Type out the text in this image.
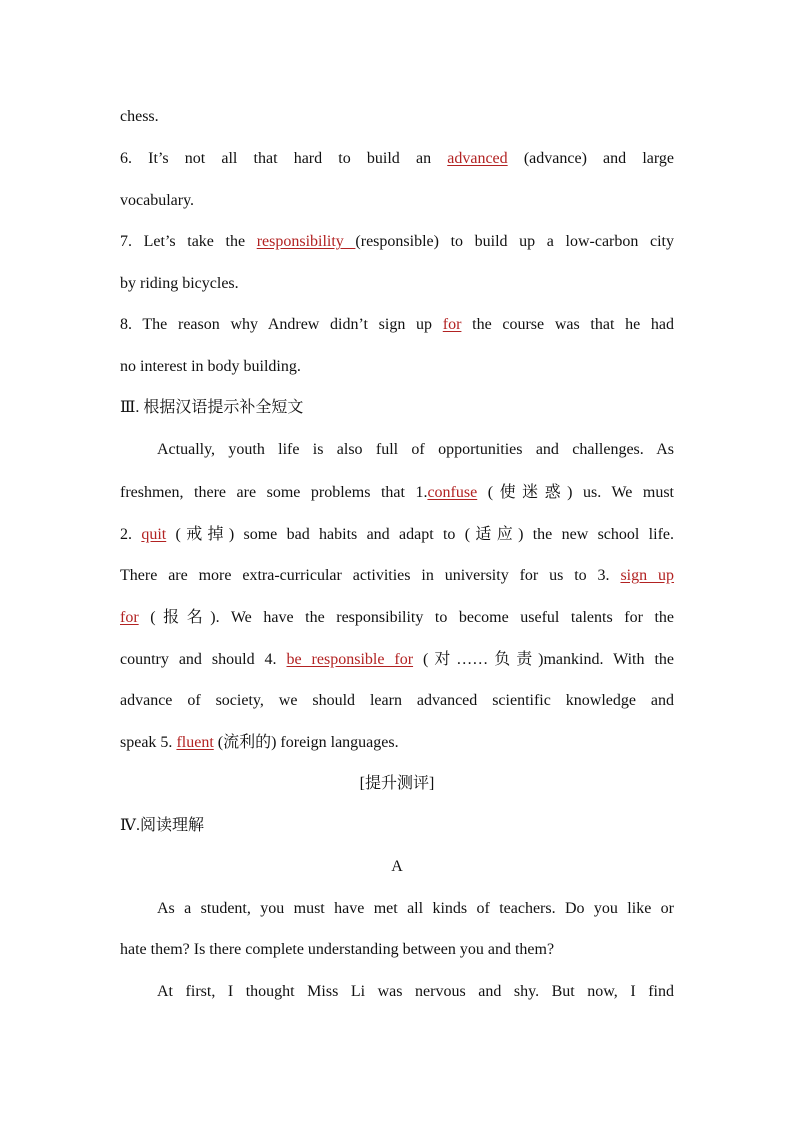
chess.
6. It’s not all that hard to build an advanced (advance) and large
vocabulary.
7. Let’s take the responsibility (responsible) to build up a low-carbon city
by riding bicycles.
8. The reason why Andrew didn’t sign up for the course was that he had
no interest in body building.
Ⅲ. 根据汉语提示补全短文
Actually, youth life is also full of opportunities and challenges. As
freshmen, there are some problems that 1.confuse (使迷惑) us. We must
2. quit (戒掉) some bad habits and adapt to (适应) the new school life.
There are more extra-curricular activities in university for us to 3. sign up
for (报名). We have the responsibility to become useful talents for the
country and should 4. be responsible for (对……负责)mankind. With the
advance of society, we should learn advanced scientific knowledge and
speak 5. fluent (流利的) foreign languages.
[提升测评]
Ⅳ.阅读理解
A
As a student, you must have met all kinds of teachers. Do you like or
hate them? Is there complete understanding between you and them?
At first, I thought Miss Li was nervous and shy. But now, I find
